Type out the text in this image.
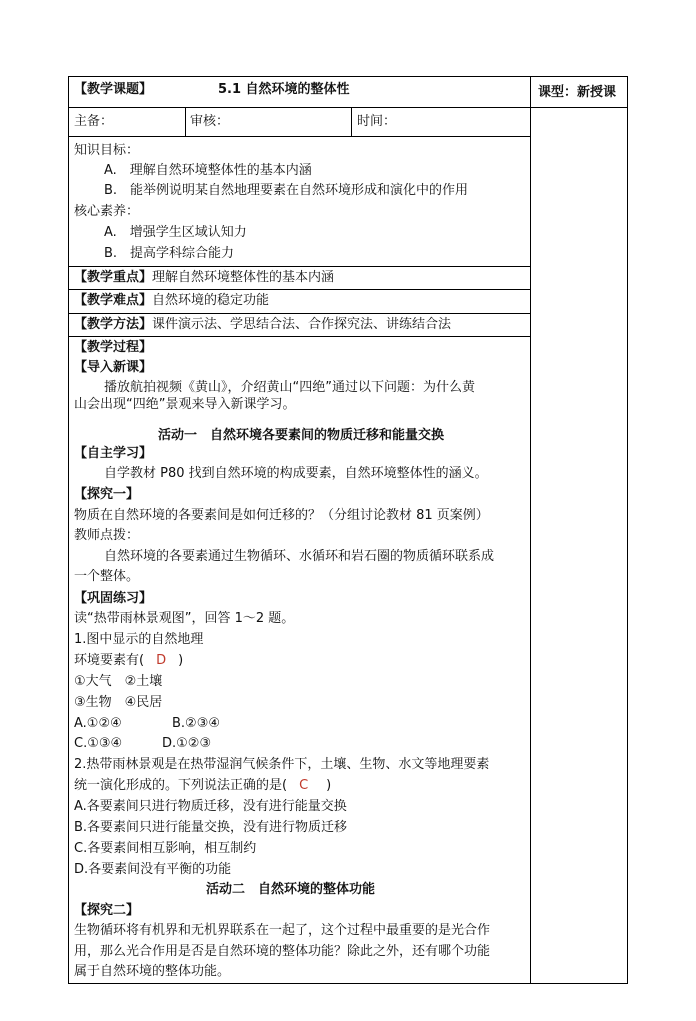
【教学课题】	5.1 自然环境的整体性	课型：新授课
主备：	审核：	时间：
知识目标：
A.　理解自然环境整体性的基本内涵
B.　能举例说明某自然地理要素在自然环境形成和演化中的作用
核心素养：
A.　增强学生区域认知力
B.　提高学科综合能力
【教学重点】理解自然环境整体性的基本内涵
【教学难点】自然环境的稳定功能
【教学方法】课件演示法、学思结合法、合作探究法、讲练结合法
【教学过程】
【导入新课】
播放航拍视频《黄山》，介绍黄山“四绝”通过以下问题：为什么黄
山会出现“四绝”景观来导入新课学习。
活动一　自然环境各要素间的物质迁移和能量交换
【自主学习】
自学教材 P80 找到自然环境的构成要素，自然环境整体性的涵义。
【探究一】
物质在自然环境的各要素间是如何迁移的？（分组讨论教材 81 页案例）
教师点拨：
自然环境的各要素通过生物循环、水循环和岩石圈的物质循环联系成
一个整体。
【巩固练习】
读“热带雨林景观图”，回答 1～2 题。
1.图中显示的自然地理
环境要素有( D )
①大气　②土壤
③生物　④民居
A.①②④	B.②③④
C.①③④	D.①②③
2.热带雨林景观是在热带湿润气候条件下，土壤、生物、水文等地理要素
统一演化形成的。下列说法正确的是( C )
A.各要素间只进行物质迁移，没有进行能量交换
B.各要素间只进行能量交换，没有进行物质迁移
C.各要素间相互影响，相互制约
D.各要素间没有平衡的功能
活动二　自然环境的整体功能
【探究二】
生物循环将有机界和无机界联系在一起了，这个过程中最重要的是光合作
用，那么光合作用是否是自然环境的整体功能？除此之外，还有哪个功能
属于自然环境的整体功能。
